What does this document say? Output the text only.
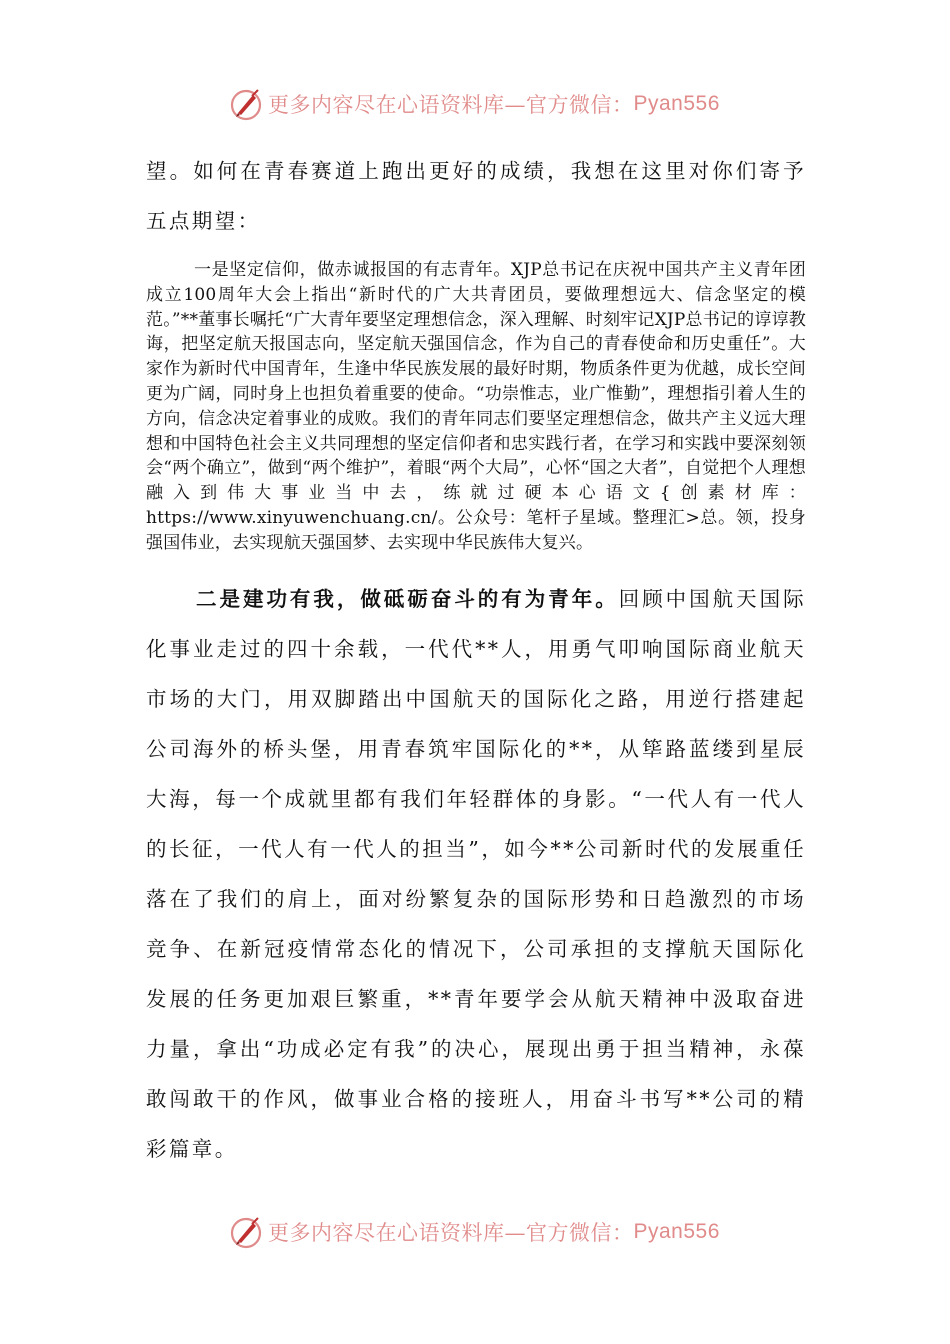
更多内容尽在心语资料库—官方微信： Pyan556

望。如何在青春赛道上跑出更好的成绩，我想在这里对你们寄予五点期望：

一是坚定信仰，做赤诚报国的有志青年。XJP总书记在庆祝中国共产主义青年团成立100周年大会上指出“新时代的广大共青团员，要做理想远大、信念坚定的模范。”**董事长嘱托“广大青年要坚定理想信念，深入理解、时刻牢记XJP总书记的谆谆教诲，把坚定航天报国志向，坚定航天强国信念，作为自己的青春使命和历史重任”。大家作为新时代中国青年，生逢中华民族发展的最好时期，物质条件更为优越，成长空间更为广阔，同时身上也担负着重要的使命。“功崇惟志，业广惟勤”，理想指引着人生的方向，信念决定着事业的成败。我们的青年同志们要坚定理想信念，做共产主义远大理想和中国特色社会主义共同理想的坚定信仰者和忠实践行者，在学习和实践中要深刻领会“两个确立”，做到“两个维护”，着眼“两个大局”，心怀“国之大者”，自觉把个人理想融入到伟大事业当中去，练就过硬本心语文{创素材库：https://www.xinyuwenchuang.cn/。公众号：笔杆子星域。整理汇>总。领，投身强国伟业，去实现航天强国梦、去实现中华民族伟大复兴。

二是建功有我，做砥砺奋斗的有为青年。回顾中国航天国际化事业走过的四十余载，一代代**人，用勇气叩响国际商业航天市场的大门，用双脚踏出中国航天的国际化之路，用逆行搭建起公司海外的桥头堡，用青春筑牢国际化的**，从筚路蓝缕到星辰大海，每一个成就里都有我们年轻群体的身影。“一代人有一代人的长征，一代人有一代人的担当”，如今**公司新时代的发展重任落在了我们的肩上，面对纷繁复杂的国际形势和日趋激烈的市场竞争、在新冠疫情常态化的情况下，公司承担的支撑航天国际化发展的任务更加艰巨繁重，**青年要学会从航天精神中汲取奋进力量，拿出“功成必定有我”的决心，展现出勇于担当精神，永葆敢闯敢干的作风，做事业合格的接班人，用奋斗书写**公司的精彩篇章。

更多内容尽在心语资料库—官方微信： Pyan556
